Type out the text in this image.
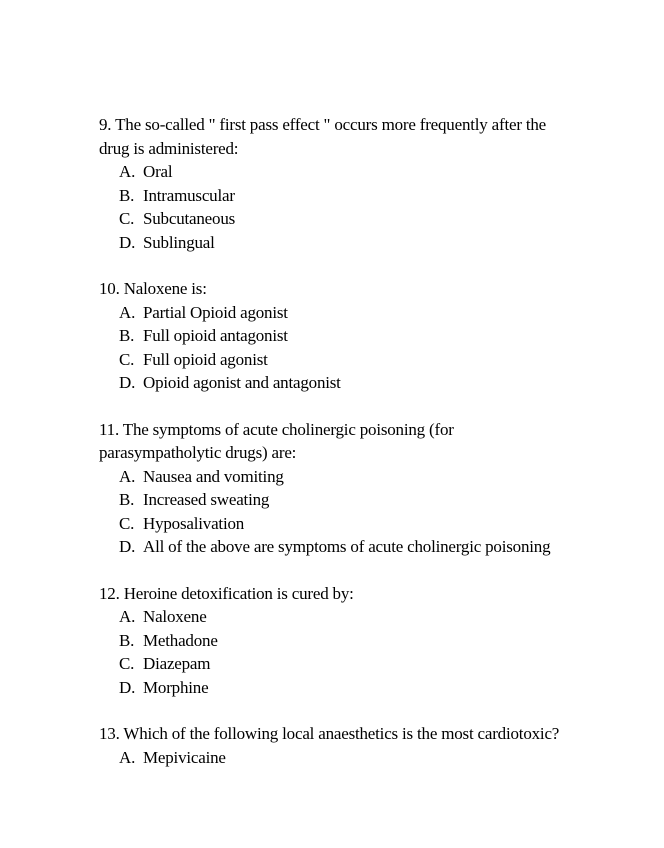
9. The so-called " first pass effect " occurs more frequently after the drug is administered:

A. Oral
B. Intramuscular
C. Subcutaneous
D. Sublingual

10. Naloxene is:

A. Partial Opioid agonist
B. Full opioid antagonist
C. Full opioid agonist
D. Opioid agonist and antagonist

11. The symptoms of acute cholinergic poisoning (for parasympatholytic drugs) are:

A. Nausea and vomiting
B. Increased sweating
C. Hyposalivation
D. All of the above are symptoms of acute cholinergic poisoning

12. Heroine detoxification is cured by:

A. Naloxene
B. Methadone
C. Diazepam
D. Morphine

13. Which of the following local anaesthetics is the most cardiotoxic?

A. Mepivicaine
